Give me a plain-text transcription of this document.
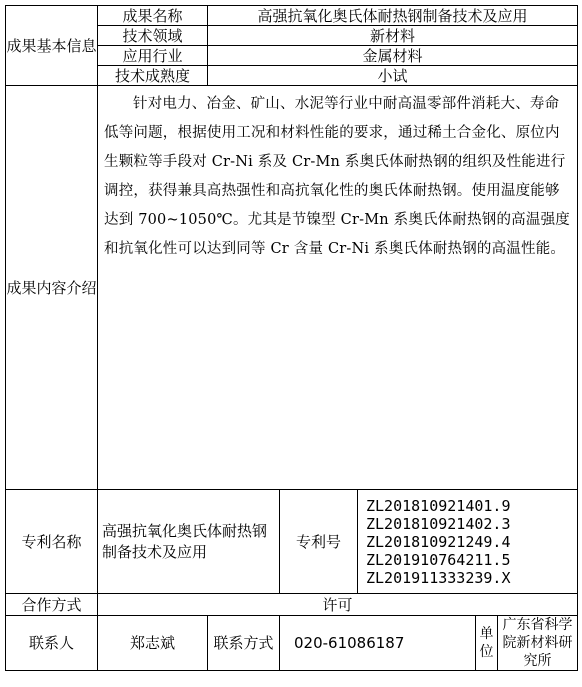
成果基本信息	成果名称	高强抗氧化奥氏体耐热钢制备技术及应用				
	技术领域	新材料				
	应用行业	金属材料				
	技术成熟度	小试				
成果内容介绍	针对电力、冶金、矿山、水泥等行业中耐高温零部件消耗大、寿命低等问题，根据使用工况和材料性能的要求，通过稀土合金化、原位内生颗粒等手段对 Cr-Ni 系及 Cr-Mn 系奥氏体耐热钢的组织及性能进行调控，获得兼具高热强性和高抗氧化性的奥氏体耐热钢。使用温度能够达到 700~1050℃。尤其是节镍型 Cr-Mn 系奥氏体耐热钢的高温强度和抗氧化性可以达到同等 Cr 含量 Cr-Ni 系奥氏体耐热钢的高温性能。					

专利名称	高强抗氧化奥氏体耐热钢制备技术及应用		专利号	ZL201810921401.9
ZL201810921402.3
ZL201810921249.4
ZL201910764211.5
ZL201911333239.X		

合作方式	许可					
联系人	郑志斌	联系方式	020-61086187		单位	广东省科学院新材料研究所
